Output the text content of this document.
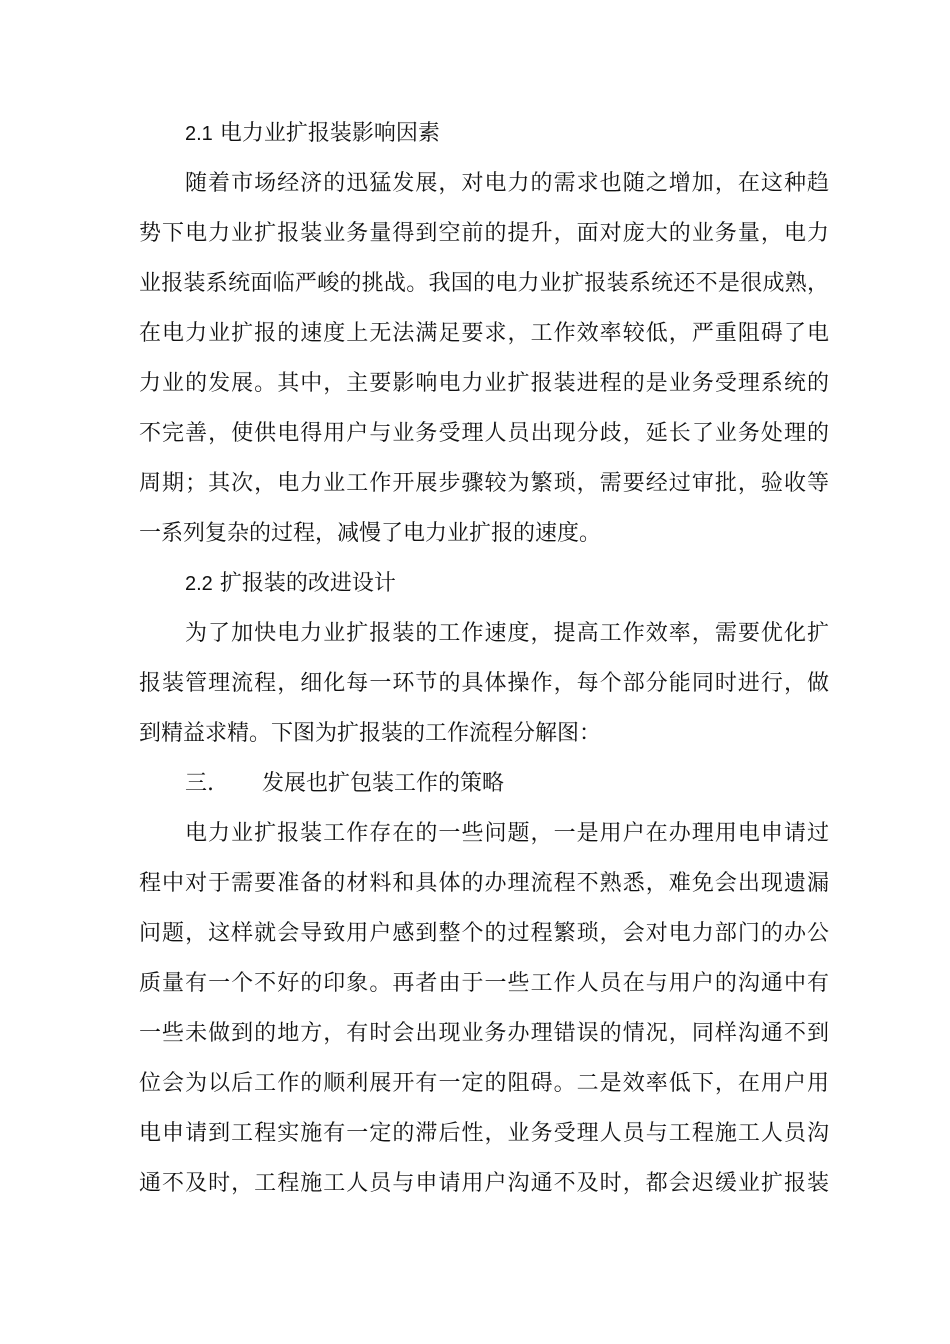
2.1 电力业扩报装影响因素
随着市场经济的迅猛发展，对电力的需求也随之增加，在这种趋
势下电力业扩报装业务量得到空前的提升，面对庞大的业务量，电力
业报装系统面临严峻的挑战。我国的电力业扩报装系统还不是很成熟，
在电力业扩报的速度上无法满足要求，工作效率较低，严重阻碍了电
力业的发展。其中，主要影响电力业扩报装进程的是业务受理系统的
不完善，使供电得用户与业务受理人员出现分歧，延长了业务处理的
周期；其次，电力业工作开展步骤较为繁琐，需要经过审批，验收等
一系列复杂的过程，减慢了电力业扩报的速度。
2.2 扩报装的改进设计
为了加快电力业扩报装的工作速度，提高工作效率，需要优化扩
报装管理流程，细化每一环节的具体操作，每个部分能同时进行，做
到精益求精。下图为扩报装的工作流程分解图：
三. 发展也扩包装工作的策略
电力业扩报装工作存在的一些问题，一是用户在办理用电申请过
程中对于需要准备的材料和具体的办理流程不熟悉，难免会出现遗漏
问题，这样就会导致用户感到整个的过程繁琐，会对电力部门的办公
质量有一个不好的印象。再者由于一些工作人员在与用户的沟通中有
一些未做到的地方，有时会出现业务办理错误的情况，同样沟通不到
位会为以后工作的顺利展开有一定的阻碍。二是效率低下，在用户用
电申请到工程实施有一定的滞后性，业务受理人员与工程施工人员沟
通不及时，工程施工人员与申请用户沟通不及时，都会迟缓业扩报装
